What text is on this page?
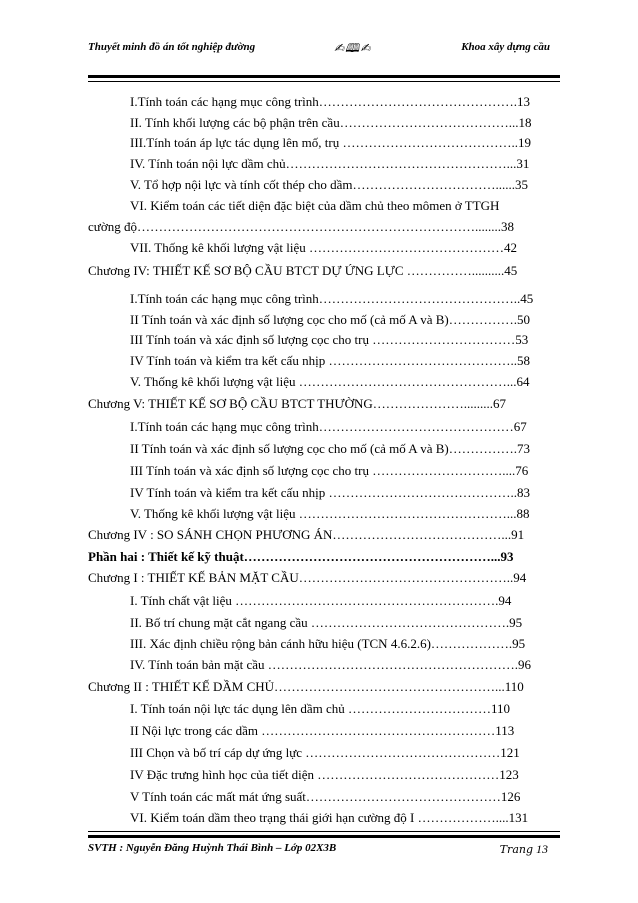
Thuyết minh đồ án tốt nghiệp đường	✍︎🕮✍︎	Khoa xây dựng cầu
I.Tính toán các hạng mục công trình……………………………………….13
II. Tính khối lượng các bộ phận trên cầu…………………………………...18
III.Tính toán áp lực tác dụng lên mố, trụ …………………………………..19
IV. Tính toán nội lực dầm chủ……………………………………………...31
V. Tổ hợp nội lực và tính cốt thép cho dầm……………………………......35
VI. Kiểm toán các tiết diện đặc biệt của dầm chủ theo mômen ở TTGH
cường độ……………………………………………………………………........38
VII. Thống kê khối lượng vật liệu ………………………………………42
Chương IV: THIẾT KẾ SƠ BỘ CẦU BTCT DỰ ỨNG LỰC ……………..........45
I.Tính toán các hạng mục công trình………………………………………..45
II Tính toán và xác định số lượng cọc cho mố (cả mố A và B)…………….50
III Tính toán và xác định số lượng cọc cho trụ ……………………………53
IV Tính toán và kiểm tra kết cấu nhịp ……………………………………..58
V. Thống kê khối lượng vật liệu …………………………………………...64
Chương V: THIẾT KẾ SƠ BỘ CẦU BTCT THƯỜNG………………….........67
I.Tính toán các hạng mục công trình………………………………………67
II Tính toán và xác định số lượng cọc cho mố (cả mố A và B)…………….73
III Tính toán và xác định số lượng cọc cho trụ …………………………....76
IV Tính toán và kiểm tra kết cấu nhịp ……………………………………..83
V. Thống kê khối lượng vật liệu …………………………………………...88
Chương IV : SO SÁNH CHỌN PHƯƠNG ÁN…………………………………...91
Phần hai : Thiết kế kỹ thuật…………………………………………………...93
Chương I : THIẾT KẾ BẢN MẶT CẦU…………………………………………..94
I. Tính chất vật liệu …………………………………………………….94
II. Bố trí chung mặt cắt ngang cầu ……………………………………….95
III. Xác định chiều rộng bản cánh hữu hiệu (TCN 4.6.2.6)……………….95
IV. Tính toán bản mặt cầu ………………………………………………….96
Chương II : THIẾT KẾ DẦM CHỦ……………………………………………...110
I. Tính toán nội lực tác dụng lên dầm chủ ……………………………110
II Nội lực trong các dầm ………………………………………………113
III Chọn và bố trí cáp dự ứng lực ………………………………………121
IV Đặc trưng hình học của tiết diện ……………………………………123
V Tính toán các mất mát ứng suất………………………………………126
VI. Kiểm toán dầm theo trạng thái giới hạn cường độ I ………………....131
SVTH : Nguyễn Đăng Huỳnh Thái Bình – Lớp 02X3B	Trang 13
